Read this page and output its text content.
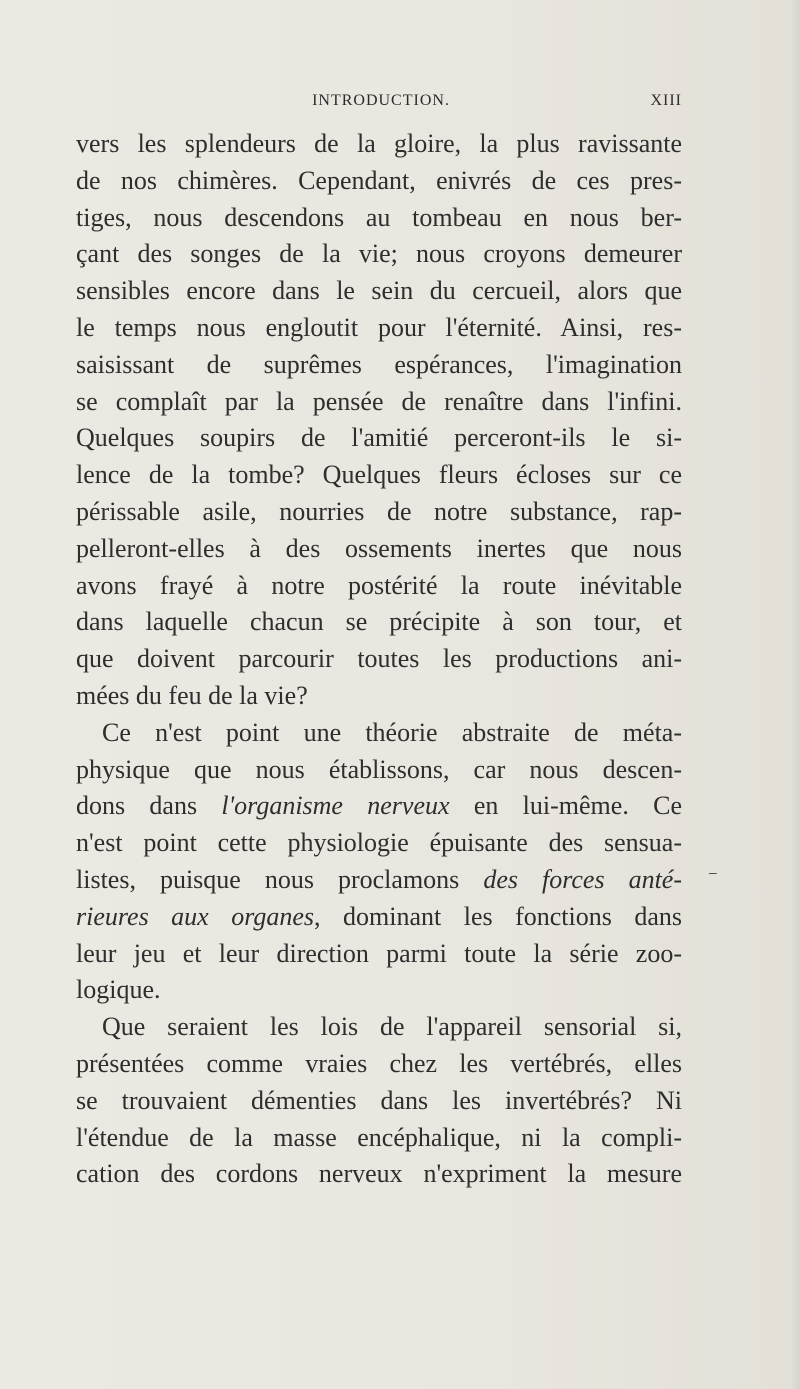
INTRODUCTION.	XIII
vers les splendeurs de la gloire, la plus ravissante
de nos chimères. Cependant, enivrés de ces pres-
tiges, nous descendons au tombeau en nous ber-
çant des songes de la vie; nous croyons demeurer
sensibles encore dans le sein du cercueil, alors que
le temps nous engloutit pour l'éternité. Ainsi, res-
saisissant de suprêmes espérances, l'imagination
se complaît par la pensée de renaître dans l'infini.
Quelques soupirs de l'amitié perceront-ils le si-
lence de la tombe? Quelques fleurs écloses sur ce
périssable asile, nourries de notre substance, rap-
pelleront-elles à des ossements inertes que nous
avons frayé à notre postérité la route inévitable
dans laquelle chacun se précipite à son tour, et
que doivent parcourir toutes les productions ani-
mées du feu de la vie?
Ce n'est point une théorie abstraite de méta-
physique que nous établissons, car nous descen-
dons dans l'organisme nerveux en lui-même. Ce
n'est point cette physiologie épuisante des sensua-
listes, puisque nous proclamons des forces anté-
rieures aux organes, dominant les fonctions dans
leur jeu et leur direction parmi toute la série zoo-
logique.
Que seraient les lois de l'appareil sensorial si,
présentées comme vraies chez les vertébrés, elles
se trouvaient démenties dans les invertébrés? Ni
l'étendue de la masse encéphalique, ni la compli-
cation des cordons nerveux n'expriment la mesure
–
